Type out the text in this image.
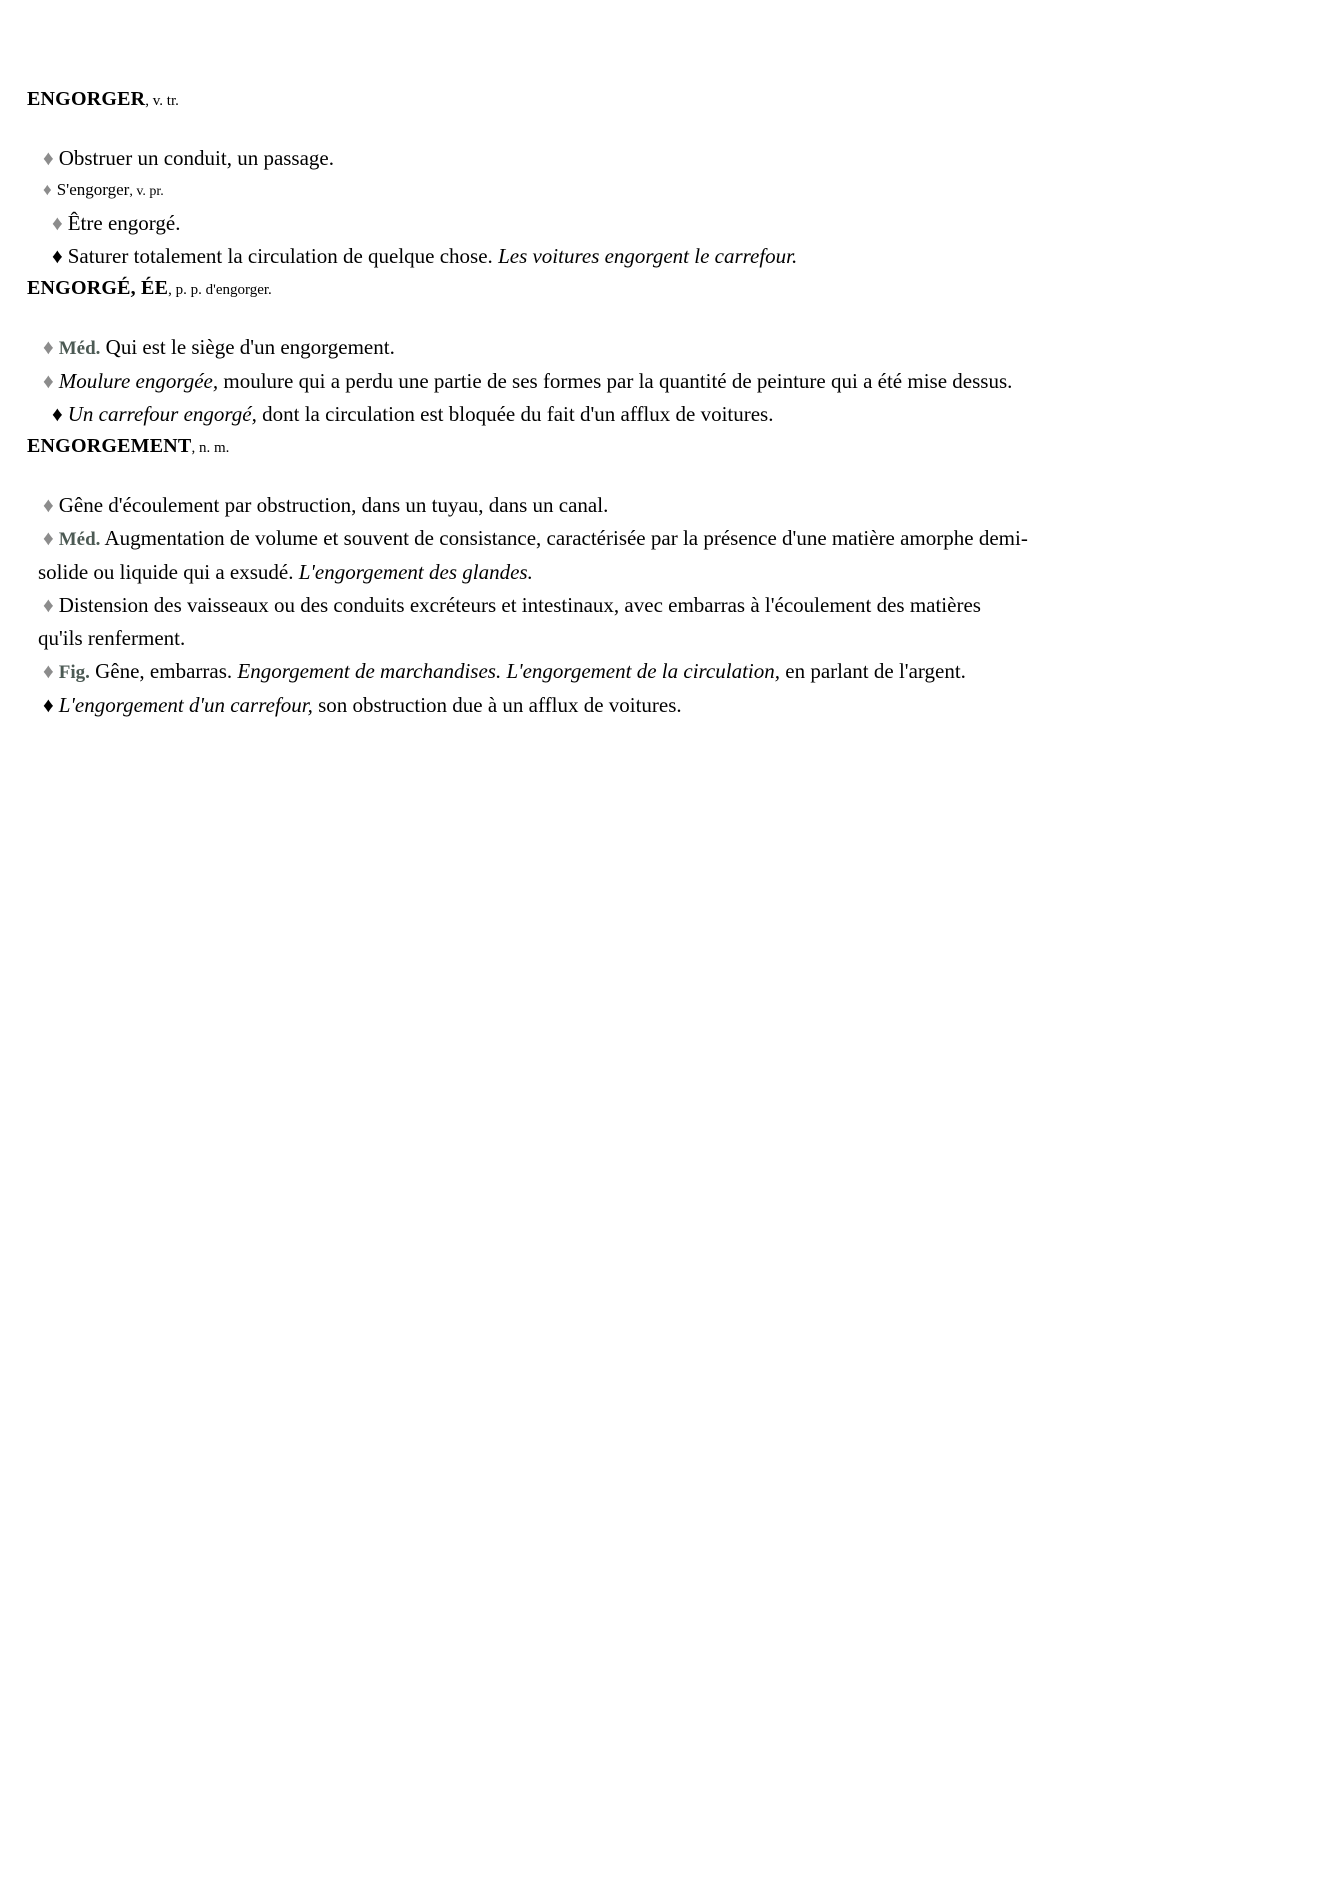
ENGORGER, v. tr.

♦ Obstruer un conduit, un passage.

♦ S'engorger, v. pr.

♦ Être engorgé.

♦ Saturer totalement la circulation de quelque chose. Les voitures engorgent le carrefour.

ENGORGÉ, ÉE, p. p. d'engorger.

♦ Méd. Qui est le siège d'un engorgement.

♦ Moulure engorgée, moulure qui a perdu une partie de ses formes par la quantité de peinture qui a été mise dessus.

♦ Un carrefour engorgé, dont la circulation est bloquée du fait d'un afflux de voitures.

ENGORGEMENT, n. m.

♦ Gêne d'écoulement par obstruction, dans un tuyau, dans un canal.

♦ Méd. Augmentation de volume et souvent de consistance, caractérisée par la présence d'une matière amorphe demi-solide ou liquide qui a exsudé. L'engorgement des glandes.

♦ Distension des vaisseaux ou des conduits excréteurs et intestinaux, avec embarras à l'écoulement des matières qu'ils renferment.

♦ Fig. Gêne, embarras. Engorgement de marchandises. L'engorgement de la circulation, en parlant de l'argent.

♦ L'engorgement d'un carrefour, son obstruction due à un afflux de voitures.
